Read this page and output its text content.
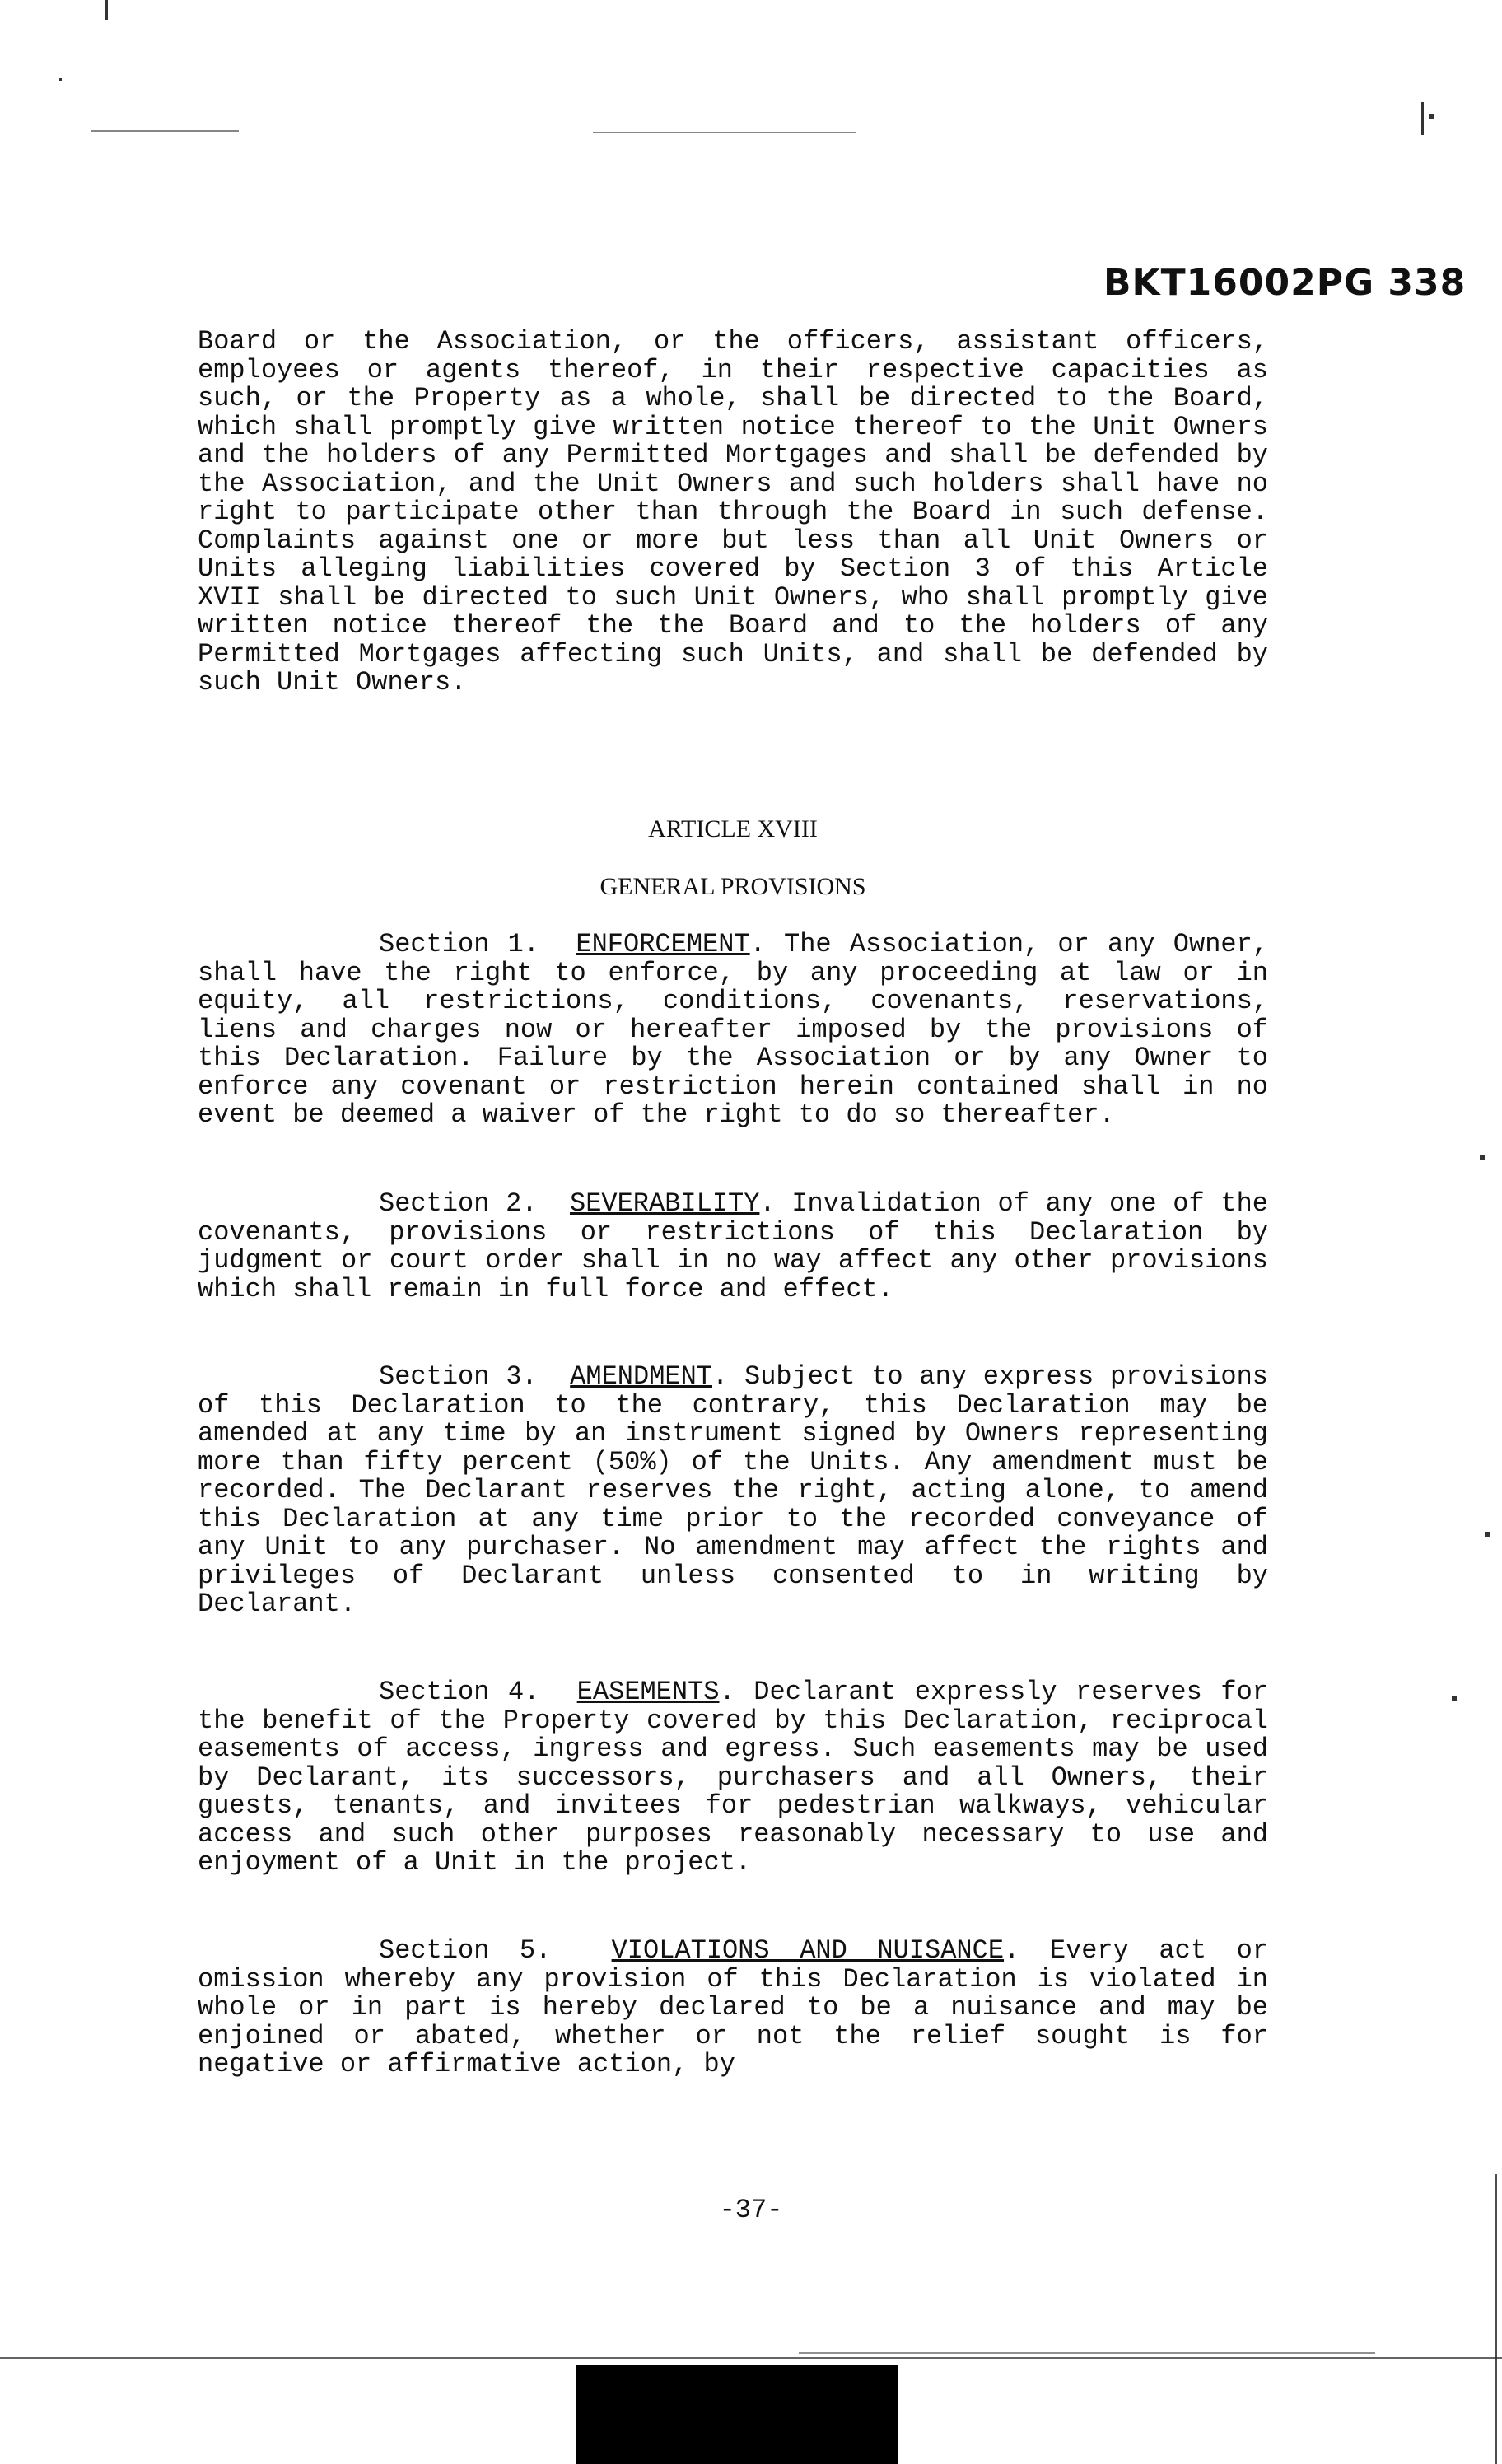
BKT16002PG 338

Board or the Association, or the officers, assistant officers, employees or agents thereof, in their respective capacities as such, or the Property as a whole, shall be directed to the Board, which shall promptly give written notice thereof to the Unit Owners and the holders of any Permitted Mortgages and shall be defended by the Association, and the Unit Owners and such holders shall have no right to participate other than through the Board in such defense. Complaints against one or more but less than all Unit Owners or Units alleging liabilities covered by Section 3 of this Article XVII shall be directed to such Unit Owners, who shall promptly give written notice thereof the the Board and to the holders of any Permitted Mortgages affecting such Units, and shall be defended by such Unit Owners.

ARTICLE XVIII
GENERAL PROVISIONS

Section 1. ENFORCEMENT. The Association, or any Owner, shall have the right to enforce, by any proceeding at law or in equity, all restrictions, conditions, covenants, reservations, liens and charges now or hereafter imposed by the provisions of this Declaration. Failure by the Association or by any Owner to enforce any covenant or restriction herein contained shall in no event be deemed a waiver of the right to do so thereafter.

Section 2. SEVERABILITY. Invalidation of any one of the covenants, provisions or restrictions of this Declaration by judgment or court order shall in no way affect any other provisions which shall remain in full force and effect.

Section 3. AMENDMENT. Subject to any express provisions of this Declaration to the contrary, this Declaration may be amended at any time by an instrument signed by Owners representing more than fifty percent (50%) of the Units. Any amendment must be recorded. The Declarant reserves the right, acting alone, to amend this Declaration at any time prior to the recorded conveyance of any Unit to any purchaser. No amendment may affect the rights and privileges of Declarant unless consented to in writing by Declarant.

Section 4. EASEMENTS. Declarant expressly reserves for the benefit of the Property covered by this Declaration, reciprocal easements of access, ingress and egress. Such easements may be used by Declarant, its successors, purchasers and all Owners, their guests, tenants, and invitees for pedestrian walkways, vehicular access and such other purposes reasonably necessary to use and enjoyment of a Unit in the project.

Section 5. VIOLATIONS AND NUISANCE. Every act or omission whereby any provision of this Declaration is violated in whole or in part is hereby declared to be a nuisance and may be enjoined or abated, whether or not the relief sought is for negative or affirmative action, by

-37-
